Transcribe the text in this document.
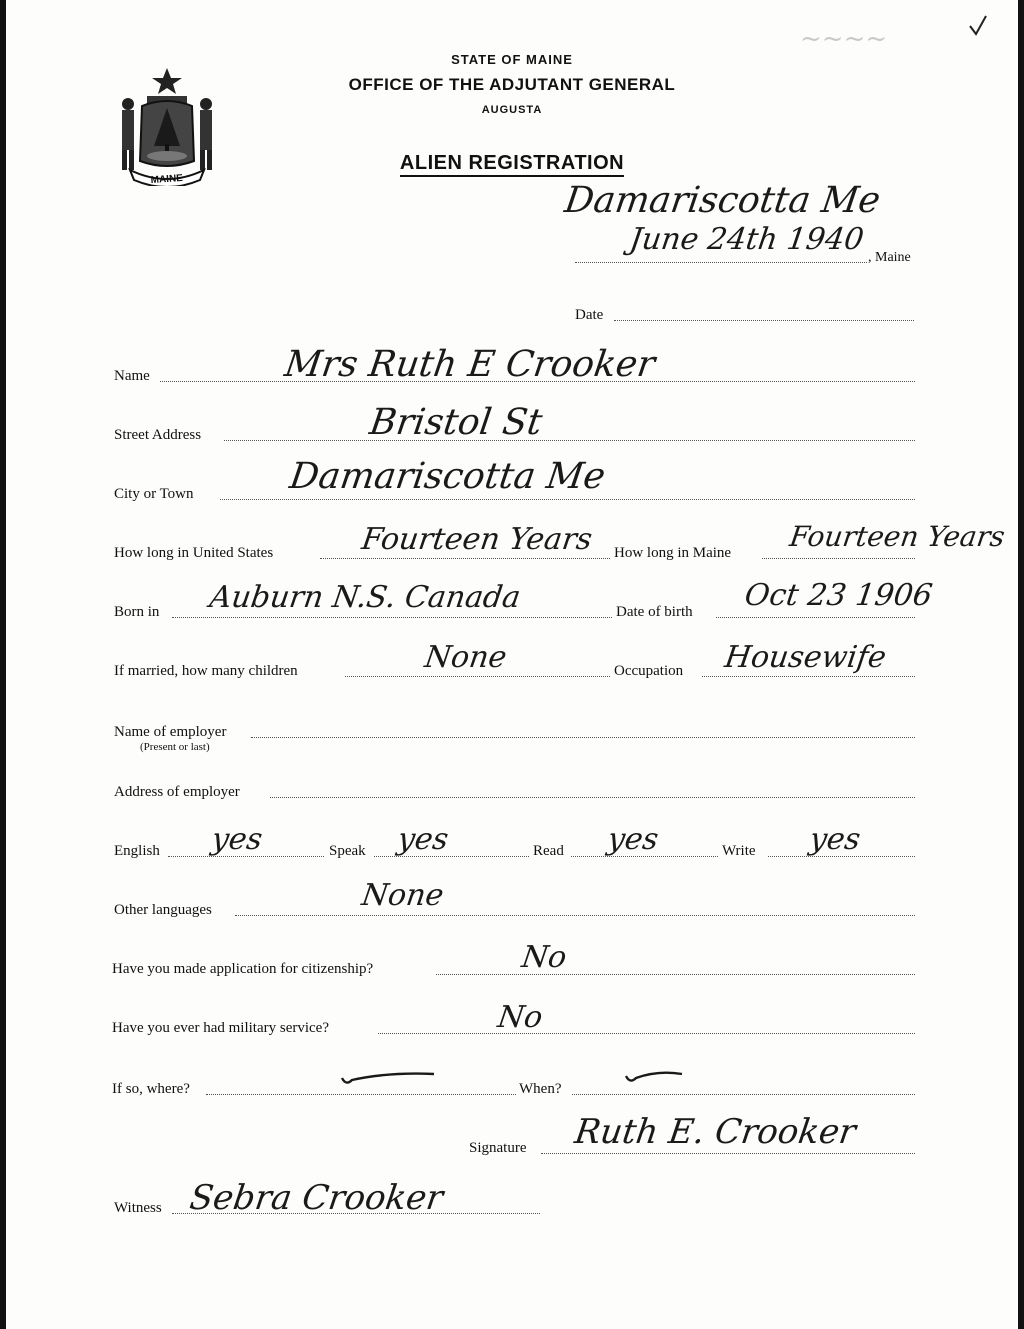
~~~~
MAINE
STATE OF MAINE
OFFICE OF THE ADJUTANT GENERAL
AUGUSTA
ALIEN REGISTRATION
Damariscotta Me
June 24th 1940
, Maine
Date
Name	Mrs Ruth E Crooker
Street Address	Bristol St
City or Town	Damariscotta Me
How long in United States	Fourteen Years How long in Maine Fourteen Years
Born in Auburn N.S. Canada	Date of birth Oct 23 1906
If married, how many children	None	Occupation Housewife
Name of employer
(Present or last)
Address of employer
English yes	Speak yes	Read yes	Write yes
Other languages	None
Have you made application for citizenship?	No
Have you ever had military service?	No
If so, where?	When?
Signature Ruth E. Crooker
Witness Sebra Crooker
